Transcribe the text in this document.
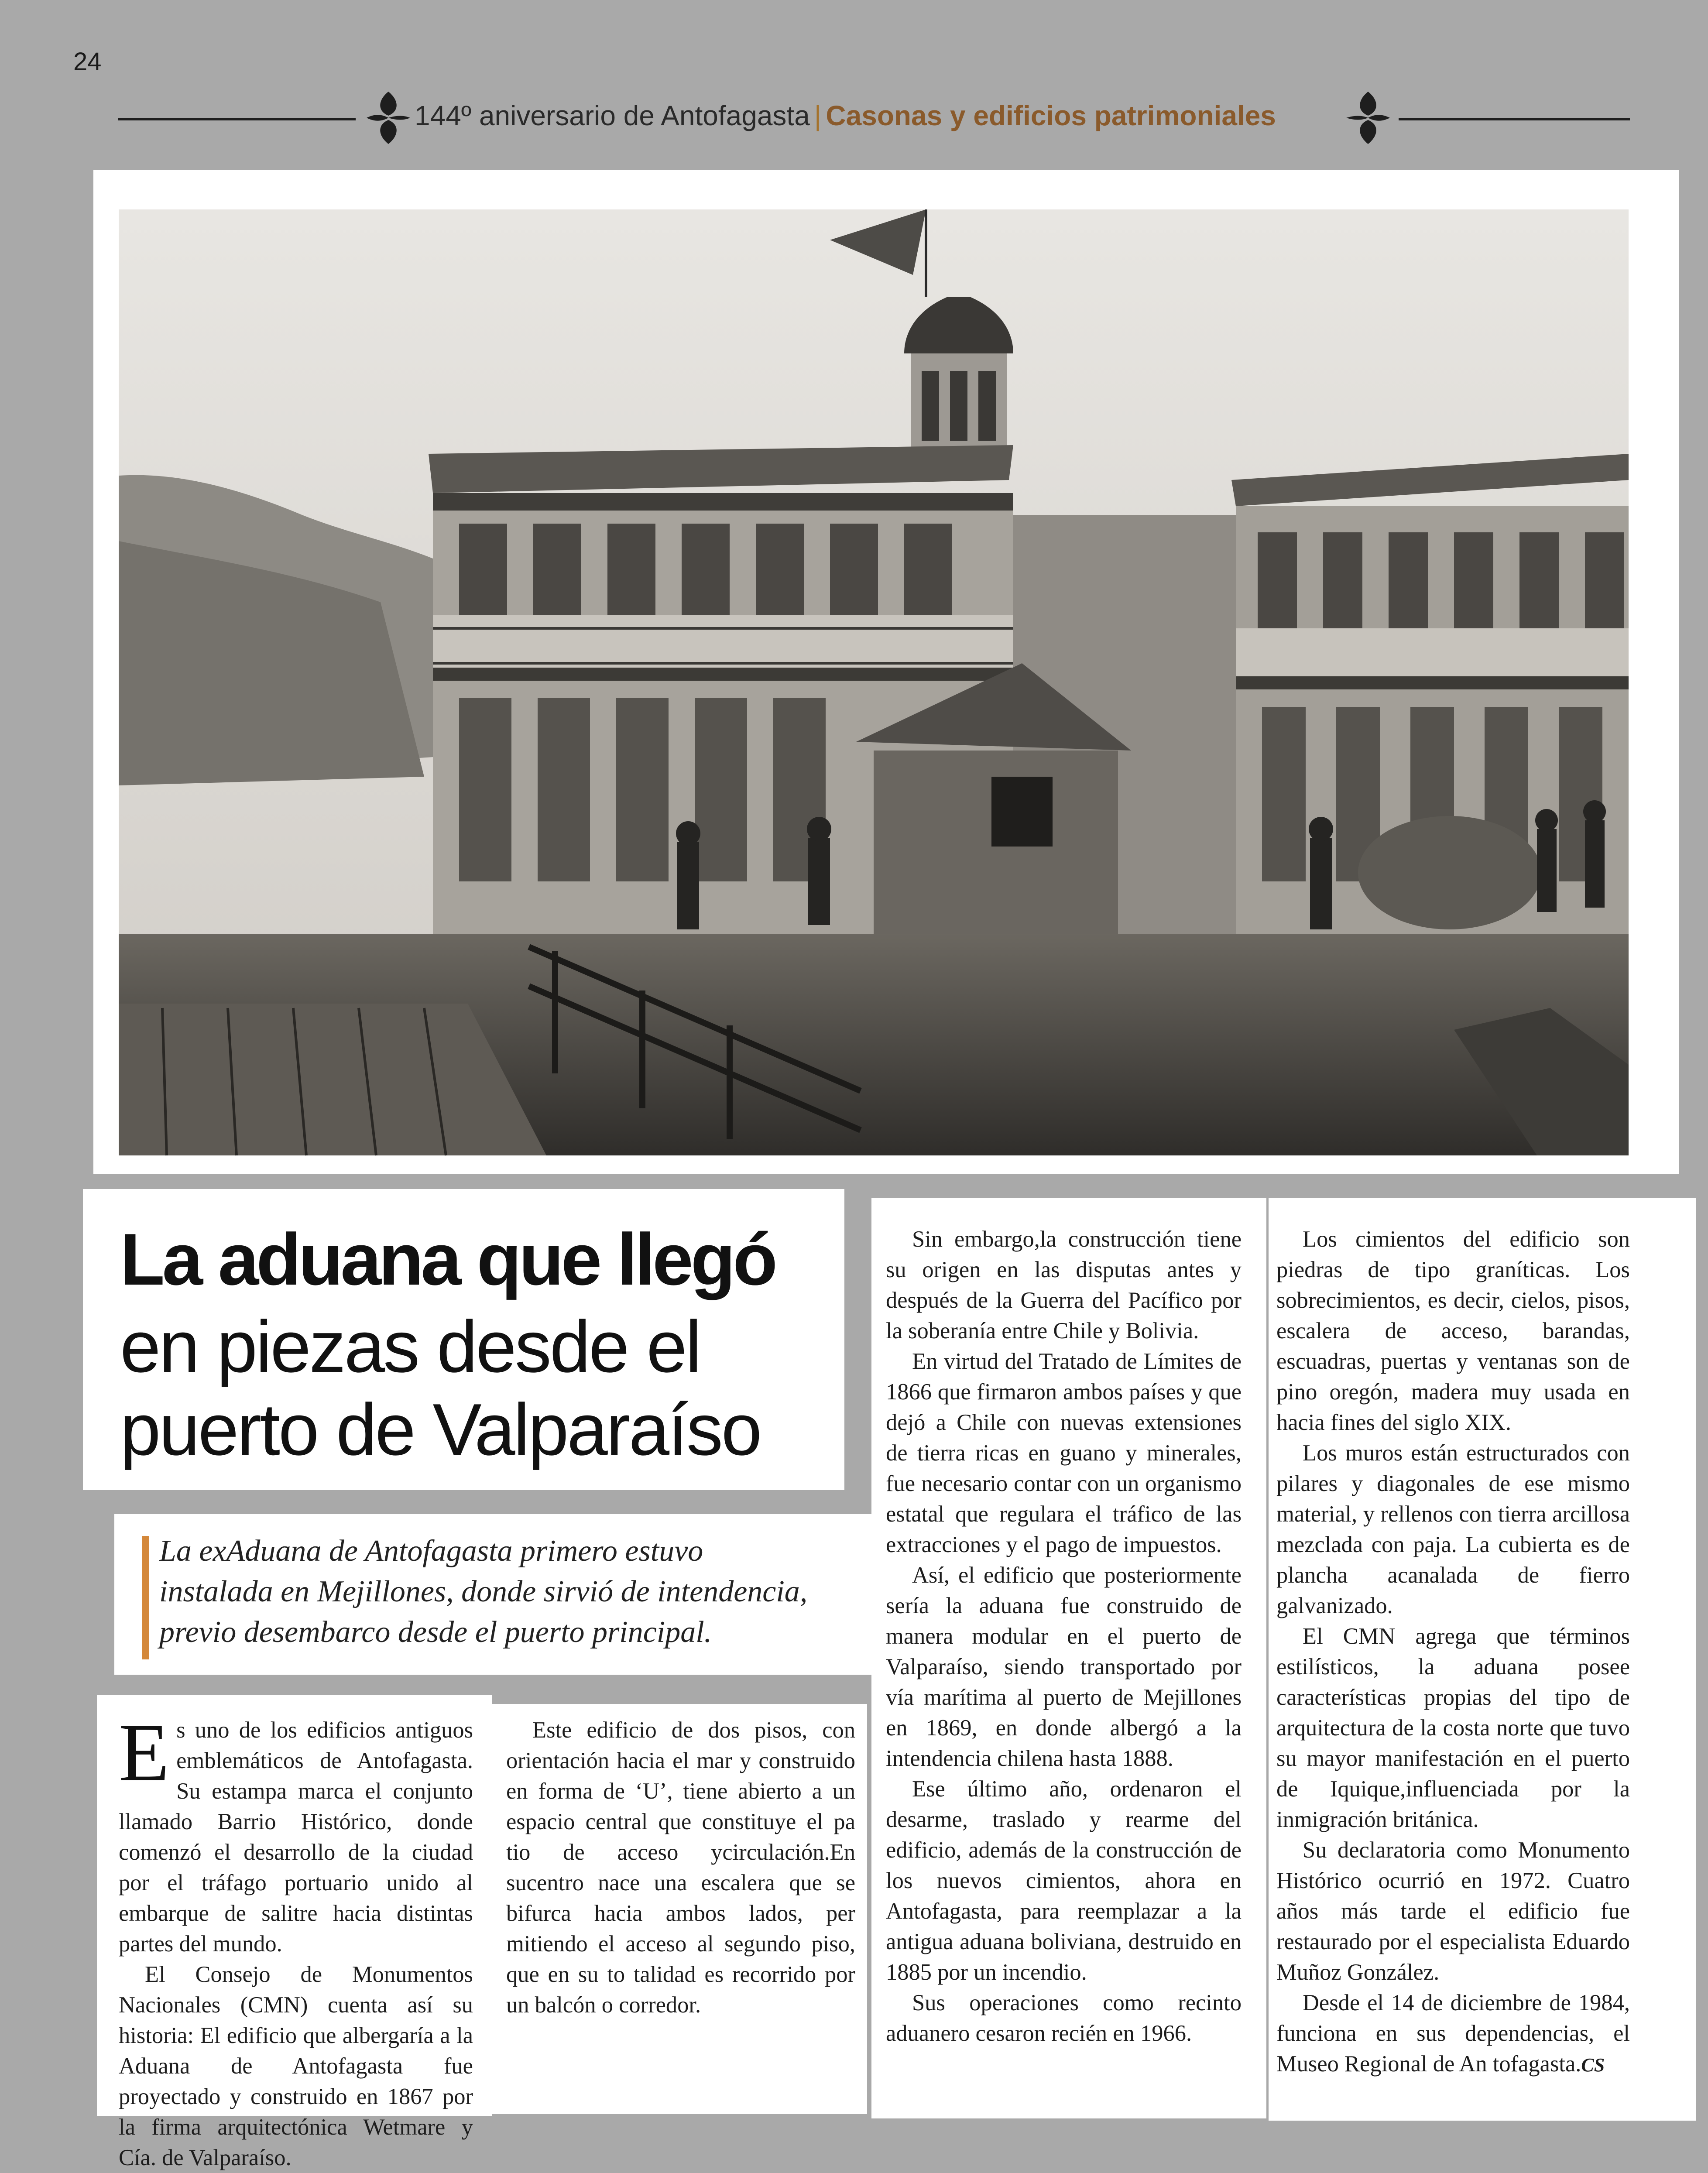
24
144º aniversario de Antofagasta | Casonas y edificios patrimoniales
La aduana que llegó
en piezas desde el
puerto de Valparaíso
La exAduana de Antofagasta primero estuvo
instalada en Mejillones, donde sirvió de intendencia,
previo desembarco desde el puerto principal.

Es uno de los edificios antiguos emblemáticos de Antofagasta. Su estampa marca el conjunto llamado Barrio Histórico, donde comenzó el desarrollo de la ciudad por el tráfago portuario unido al embarque de salitre hacia distintas partes del mundo.

El Consejo de Monumentos Nacionales (CMN) cuenta así su historia: El edificio que albergaría a la Aduana de Antofagasta fue proyectado y construido en 1867 por la firma arquitectónica Wetmare y Cía. de Valparaíso.

Este edificio de dos pisos, con orientación hacia el mar y construido en forma de ‘U’, tiene abierto a un espacio central que constituye el pa tio de acceso ycirculación.En sucentro nace una escalera que se bifurca hacia ambos lados, per mitiendo el acceso al segundo piso, que en su to talidad es recorrido por un balcón o corredor.

Sin embargo,la construcción tiene su origen en las disputas antes y después de la Guerra del Pacífico por la soberanía entre Chile y Bolivia.

En virtud del Tratado de Límites de 1866 que firmaron ambos países y que dejó a Chile con nuevas extensiones de tierra ricas en guano y minerales, fue necesario contar con un organismo estatal que regulara el tráfico de las extracciones y el pago de impuestos.

Así, el edificio que posteriormente sería la aduana fue construido de manera modular en el puerto de Valparaíso, siendo transportado por vía marítima al puerto de Mejillones en 1869, en donde albergó a la intendencia chilena hasta 1888.

Ese último año, ordenaron el desarme, traslado y rearme del edificio, además de la construcción de los nuevos cimientos, ahora en Antofagasta, para reemplazar a la antigua aduana boliviana, destruido en 1885 por un incendio.

Sus operaciones como recinto aduanero cesaron recién en 1966.

Los cimientos del edificio son piedras de tipo graníticas. Los sobrecimientos, es decir, cielos, pisos, escalera de acceso, barandas, escuadras, puertas y ventanas son de pino oregón, madera muy usada en hacia fines del siglo XIX.

Los muros están estructurados con pilares y diagonales de ese mismo material, y rellenos con tierra arcillosa mezclada con paja. La cubierta es de plancha acanalada de fierro galvanizado.

El CMN agrega que términos estilísticos, la aduana posee características propias del tipo de arquitectura de la costa norte que tuvo su mayor manifestación en el puerto de Iquique,influenciada por la inmigración británica.

Su declaratoria como Monumento Histórico ocurrió en 1972. Cuatro años más tarde el edificio fue restaurado por el especialista Eduardo Muñoz González.

Desde el 14 de diciembre de 1984, funciona en sus dependencias, el Museo Regional de An tofagasta.CS
